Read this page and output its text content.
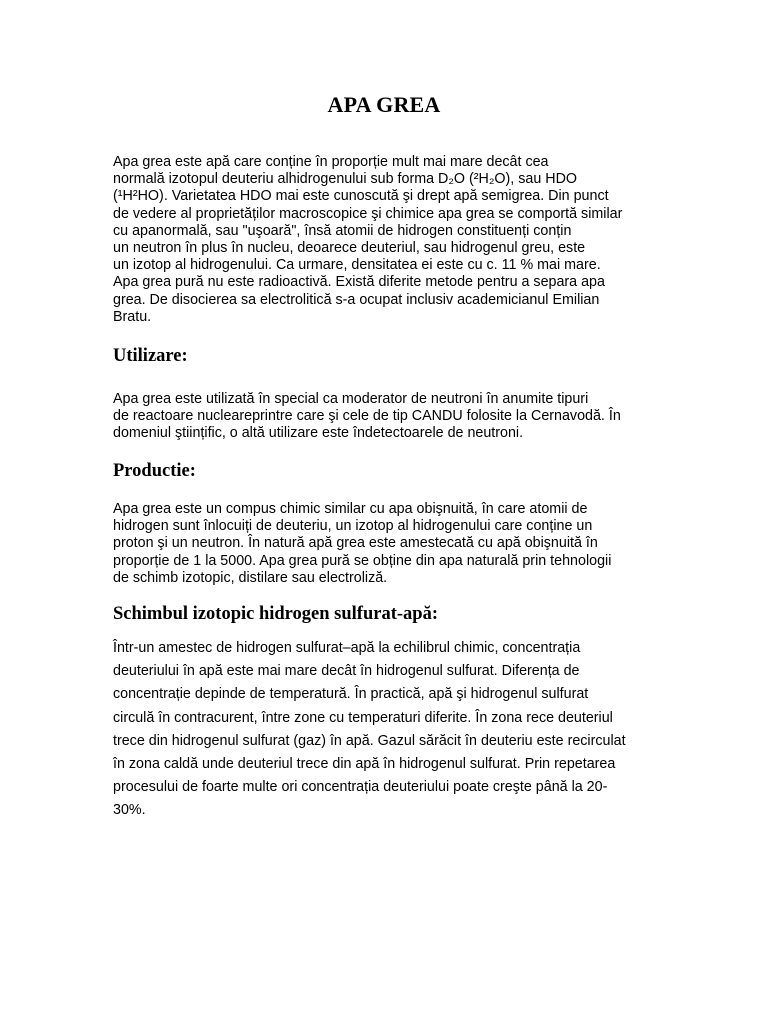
APA GREA

Apa grea este apă care conține în proporție mult mai mare decât cea
normală izotopul deuteriu alhidrogenului sub forma D₂O (²H₂O), sau HDO
(¹H²HO). Varietatea HDO mai este cunoscută şi drept apă semigrea. Din punct
de vedere al proprietăților macroscopice şi chimice apa grea se comportă similar
cu apanormală, sau "uşoară", însă atomii de hidrogen constituenți conțin
un neutron în plus în nucleu, deoarece deuteriul, sau hidrogenul greu, este
un izotop al hidrogenului. Ca urmare, densitatea ei este cu c. 11 % mai mare.
Apa grea pură nu este radioactivă. Există diferite metode pentru a separa apa
grea. De disocierea sa electrolitică s-a ocupat inclusiv academicianul Emilian
Bratu.

Utilizare:

Apa grea este utilizată în special ca moderator de neutroni în anumite tipuri
de reactoare nucleareprintre care şi cele de tip CANDU folosite la Cernavodă. În
domeniul ştiințific, o altă utilizare este îndetectoarele de neutroni.

Productie:

Apa grea este un compus chimic similar cu apa obişnuită, în care atomii de
hidrogen sunt înlocuiți de deuteriu, un izotop al hidrogenului care conține un
proton şi un neutron. În natură apă grea este amestecată cu apă obişnuită în
proporție de 1 la 5000. Apa grea pură se obține din apa naturală prin tehnologii
de schimb izotopic, distilare sau electroliză.

Schimbul izotopic hidrogen sulfurat-apă:

Într-un amestec de hidrogen sulfurat–apă la echilibrul chimic, concentrația
deuteriului în apă este mai mare decât în hidrogenul sulfurat. Diferența de
concentrație depinde de temperatură. În practică, apă şi hidrogenul sulfurat
circulă în contracurent, între zone cu temperaturi diferite. În zona rece deuteriul
trece din hidrogenul sulfurat (gaz) în apă. Gazul sărăcit în deuteriu este recirculat
în zona caldă unde deuteriul trece din apă în hidrogenul sulfurat. Prin repetarea
procesului de foarte multe ori concentrația deuteriului poate creşte până la 20-
30%.
